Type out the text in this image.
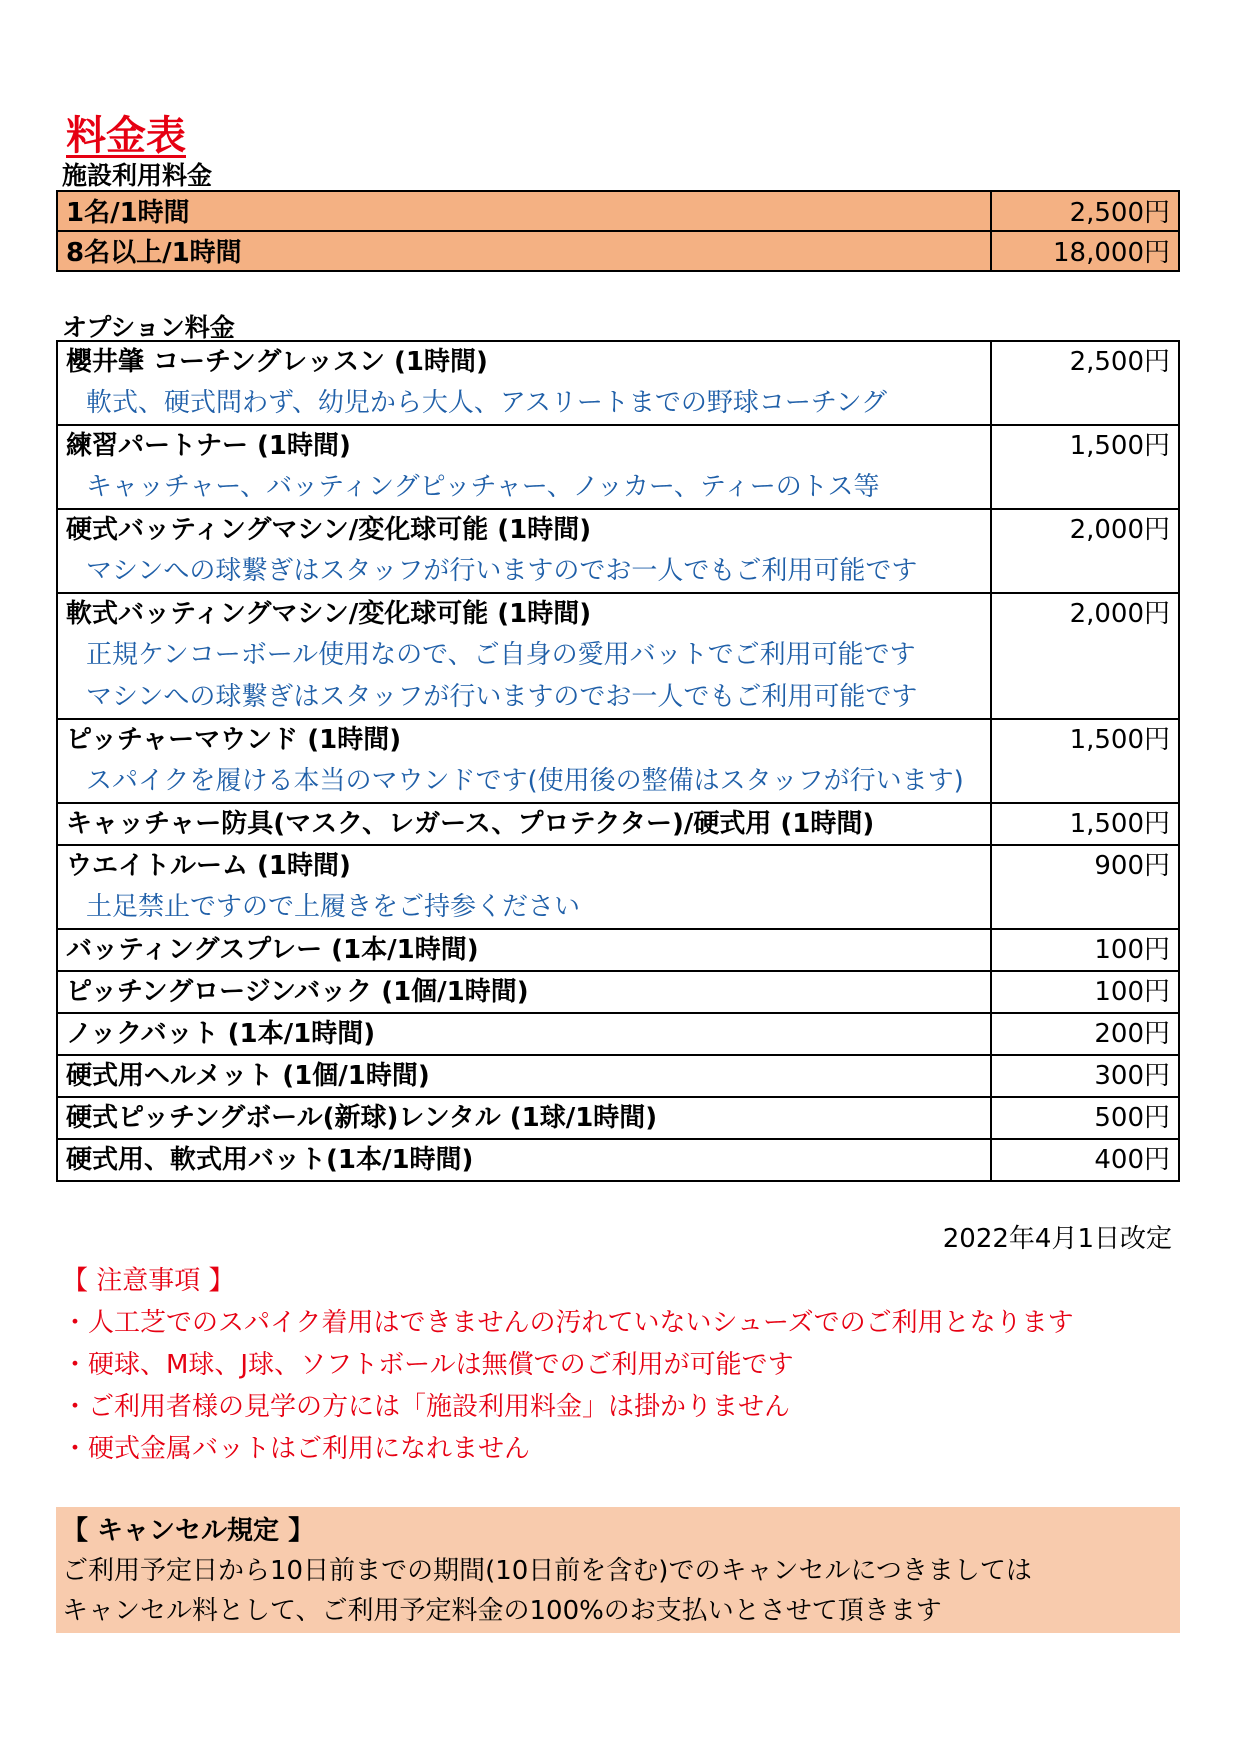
料金表
施設利用料金
1名/1時間	2,500円
8名以上/1時間	18,000円
オプション料金
櫻井肇 コーチングレッスン (1時間)
軟式、硬式問わず、幼児から大人、アスリートまでの野球コーチング	2,500円

練習パートナー (1時間)
キャッチャー、バッティングピッチャー、ノッカー、ティーのトス等	1,500円

硬式バッティングマシン/変化球可能 (1時間)
マシンへの球繋ぎはスタッフが行いますのでお一人でもご利用可能です	2,000円

軟式バッティングマシン/変化球可能 (1時間)
正規ケンコーボール使用なので、ご自身の愛用バットでご利用可能です
マシンへの球繋ぎはスタッフが行いますのでお一人でもご利用可能です	2,000円

ピッチャーマウンド (1時間)
スパイクを履ける本当のマウンドです(使用後の整備はスタッフが行います)	1,500円

キャッチャー防具(マスク、レガース、プロテクター)/硬式用 (1時間)	1,500円

ウエイトルーム (1時間)
土足禁止ですので上履きをご持参ください	900円

バッティングスプレー (1本/1時間)	100円

ピッチングロージンバック (1個/1時間)	100円

ノックバット (1本/1時間)	200円

硬式用ヘルメット (1個/1時間)	300円

硬式ピッチングボール(新球)レンタル (1球/1時間)	500円

硬式用、軟式用バット(1本/1時間)	400円
2022年4月1日改定
【 注意事項 】
・人工芝でのスパイク着用はできませんの汚れていないシューズでのご利用となります
・硬球、M球、J球、ソフトボールは無償でのご利用が可能です
・ご利用者様の見学の方には「施設利用料金」は掛かりません
・硬式金属バットはご利用になれません
【 キャンセル規定 】
ご利用予定日から10日前までの期間(10日前を含む)でのキャンセルにつきましては
キャンセル料として、ご利用予定料金の100%のお支払いとさせて頂きます
